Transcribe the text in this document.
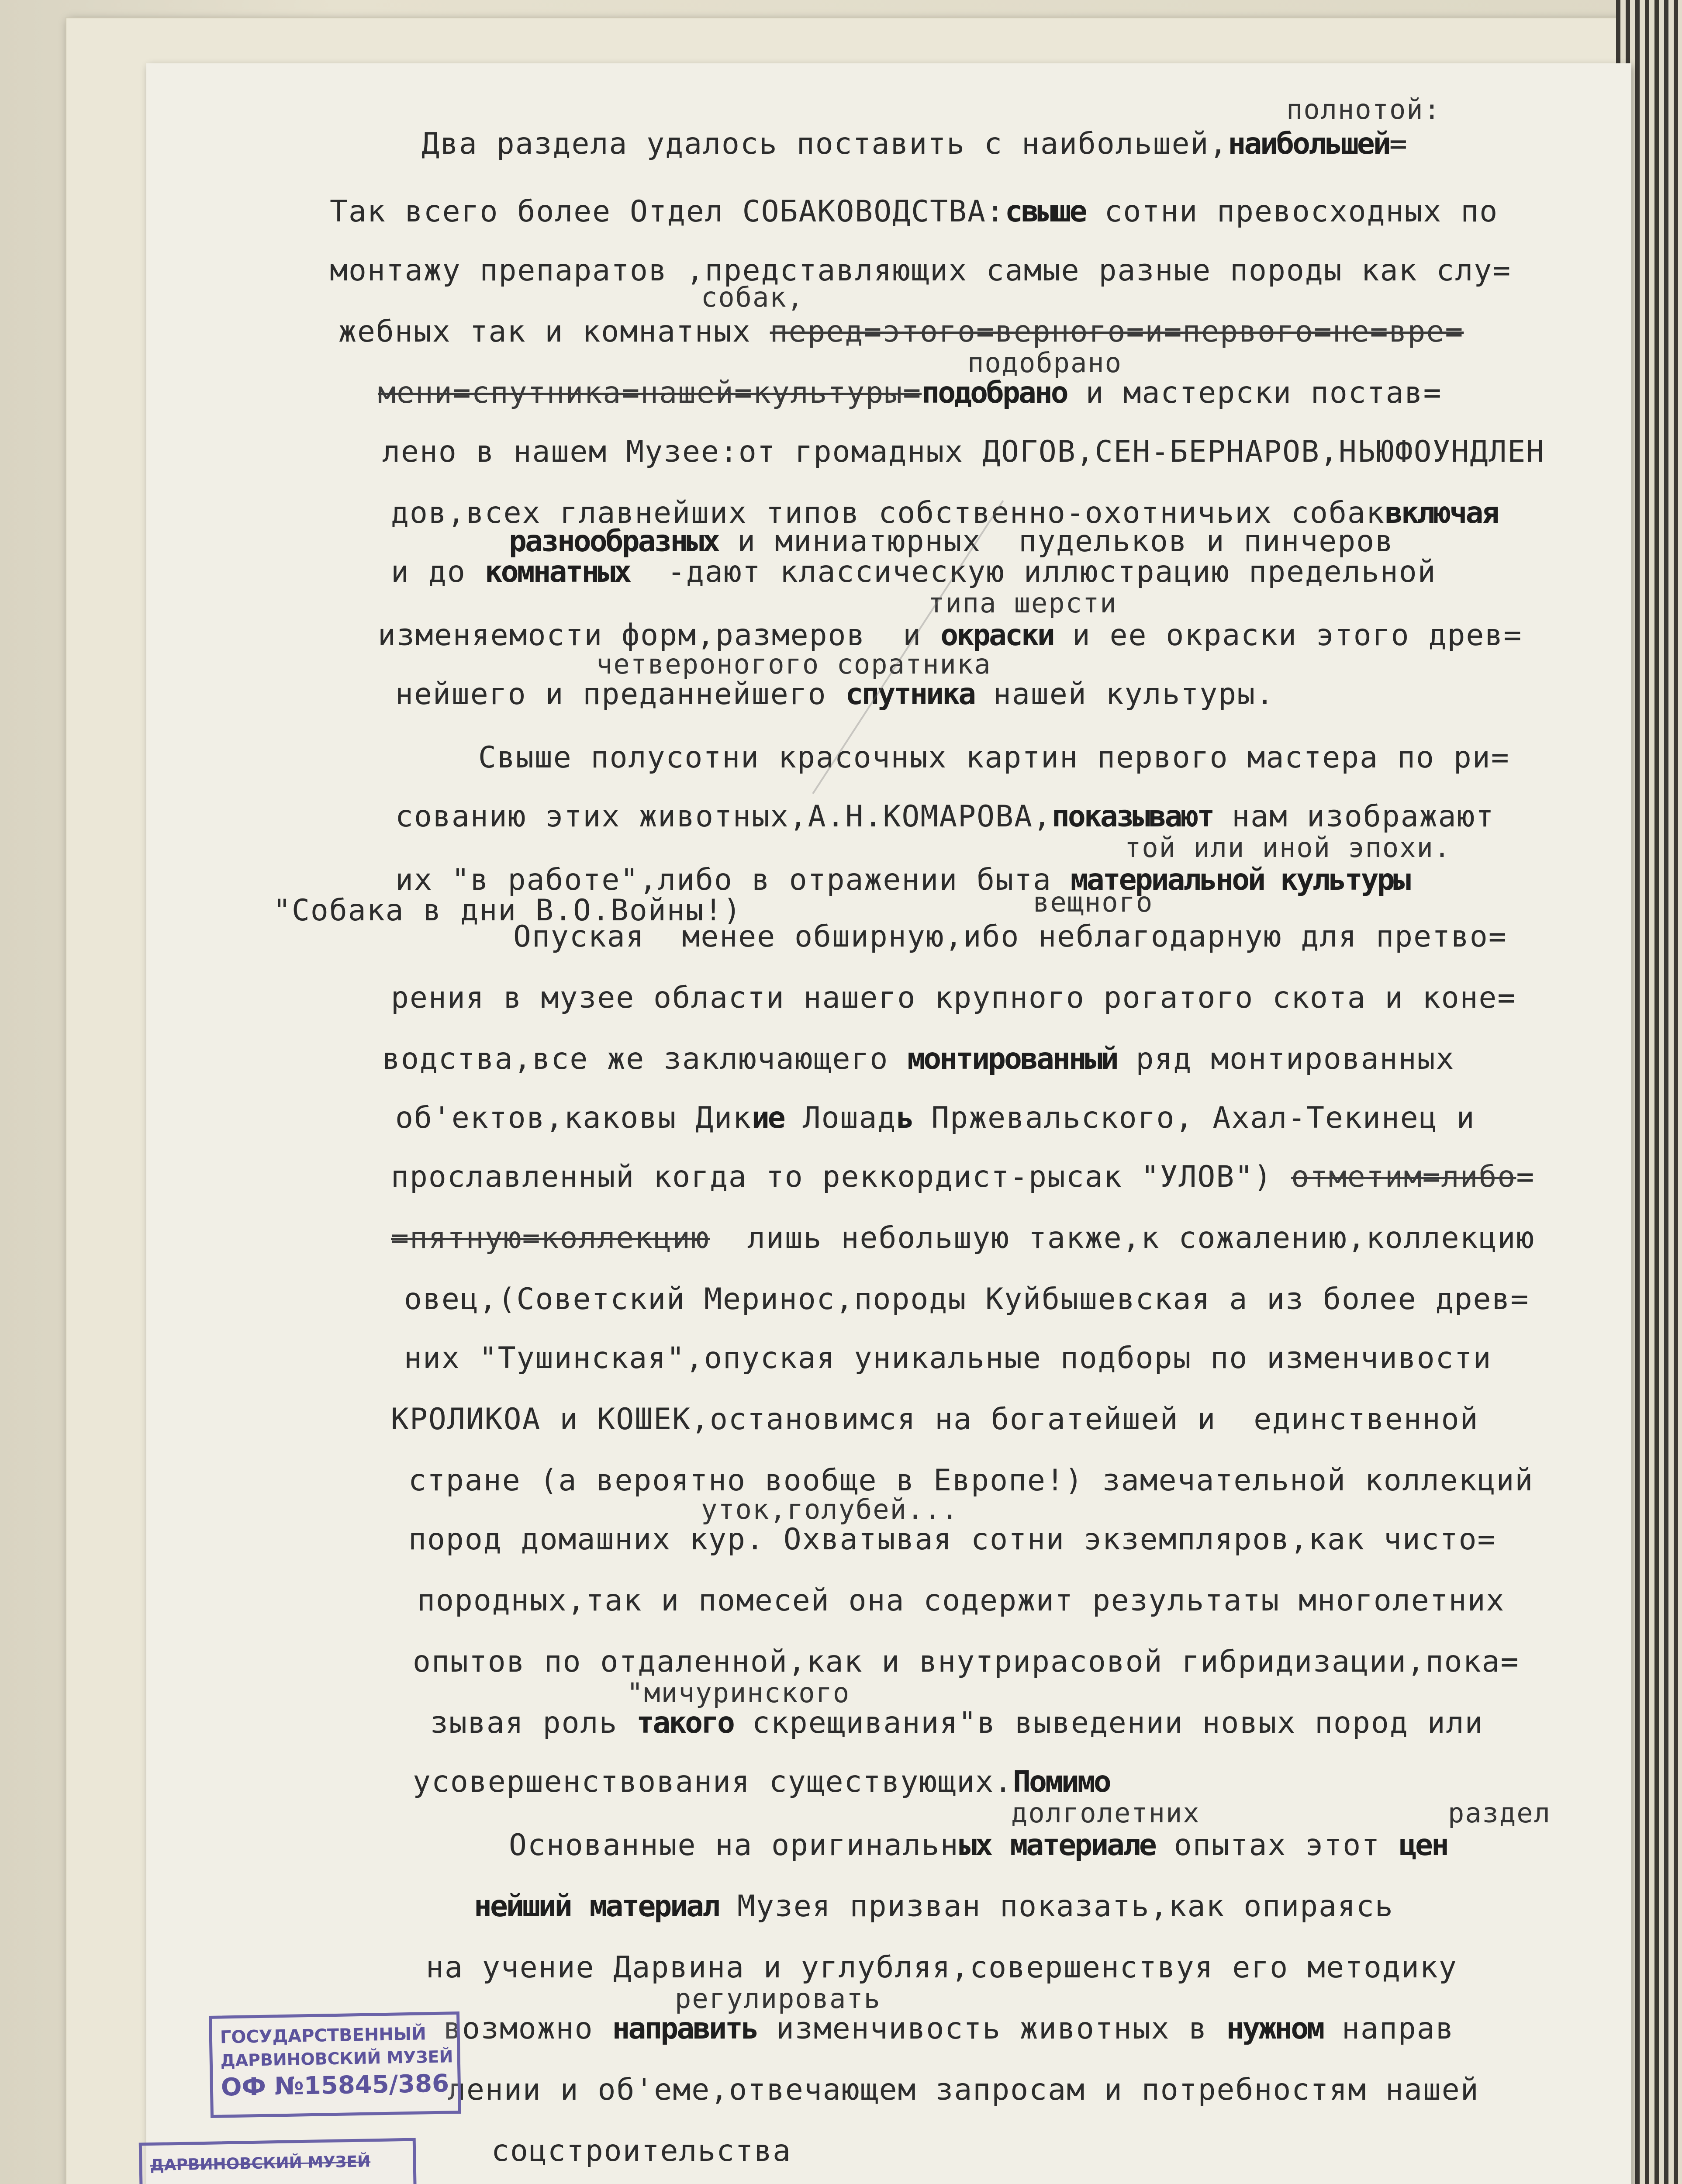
полнотой:
Два раздела удалось поставить с наибольшей,наибольшей=
Так всего более Отдел СОБАКОВОДСТВА:свыше сотни превосходных по
монтажу препаратов ,представляющих самые разные породы как слу=
собак,
жебных так и комнатных перед=этого=верного=и=первого=не=вре=
подобрано
мени=спутника=нашей=культуры=подобрано и мастерски постав=
лено в нашем Музее:от громадных ДОГОВ,СЕН-БЕРНАРОВ,НЬЮФОУНДЛЕН
дов,всех главнейших типов собственно-охотничьих собаквключая
разнообразных и миниатюрных  пудельков и пинчеров
и до комнатных  -дают классическую иллюстрацию предельной
типа шерсти
изменяемости форм,размеров  и окраски и ее окраски этого древ=
четвероногого соратника
нейшего и преданнейшего спутника нашей культуры.
Свыше полусотни красочных картин первого мастера по ри=
сованию этих животных,А.Н.КОМАРОВА,показывают нам изображают
той или иной эпохи.
их "в работе",либо в отражении быта материальной культуры
"Собака в дни В.О.Войны!)	вещного
Опуская  менее обширную,ибо неблагодарную для претво=
рения в музее области нашего крупного рогатого скота и коне=
водства,все же заключающего монтированный ряд монтированных
об'ектов,каковы Дикие Лошадь Пржевальского, Ахал-Текинец и
прославленный когда то реккордист-рысак "УЛОВ") отметим=либо=
=пятную=коллекцию  лишь небольшую также,к сожалению,коллекцию
овец,(Советский Меринос,породы Куйбышевская а из более древ=
них "Тушинская",опуская уникальные подборы по изменчивости
КРОЛИКОА и КОШЕК,остановимся на богатейшей и  единственной
стране (а вероятно вообще в Европе!) замечательной коллекций
уток,голубей...
пород домашних кур. Охватывая сотни экземпляров,как чисто=
породных,так и помесей она содержит результаты многолетних
опытов по отдаленной,как и внутрирасовой гибридизации,пока=
"мичуринского
зывая роль такого скрещивания"в выведении новых пород или
усовершенствования существующих.Помимо
долголетних	раздел
Основанные на оригинальных материале опытах этот цен
нейший материал Музея призван показать,как опираясь
на учение Дарвина и углубляя,совершенствуя его методику
регулировать
возможно направить изменчивость животных в нужном направ
лении и об'еме,отвечающем запросам и потребностям нашей
соцстроительства
ГОСУДАРСТВЕННЫЙ
ДАРВИНОВСКИЙ МУЗЕЙ
ОФ №15845/386
ДАРВИНОВСКИЙ МУЗЕЙ
